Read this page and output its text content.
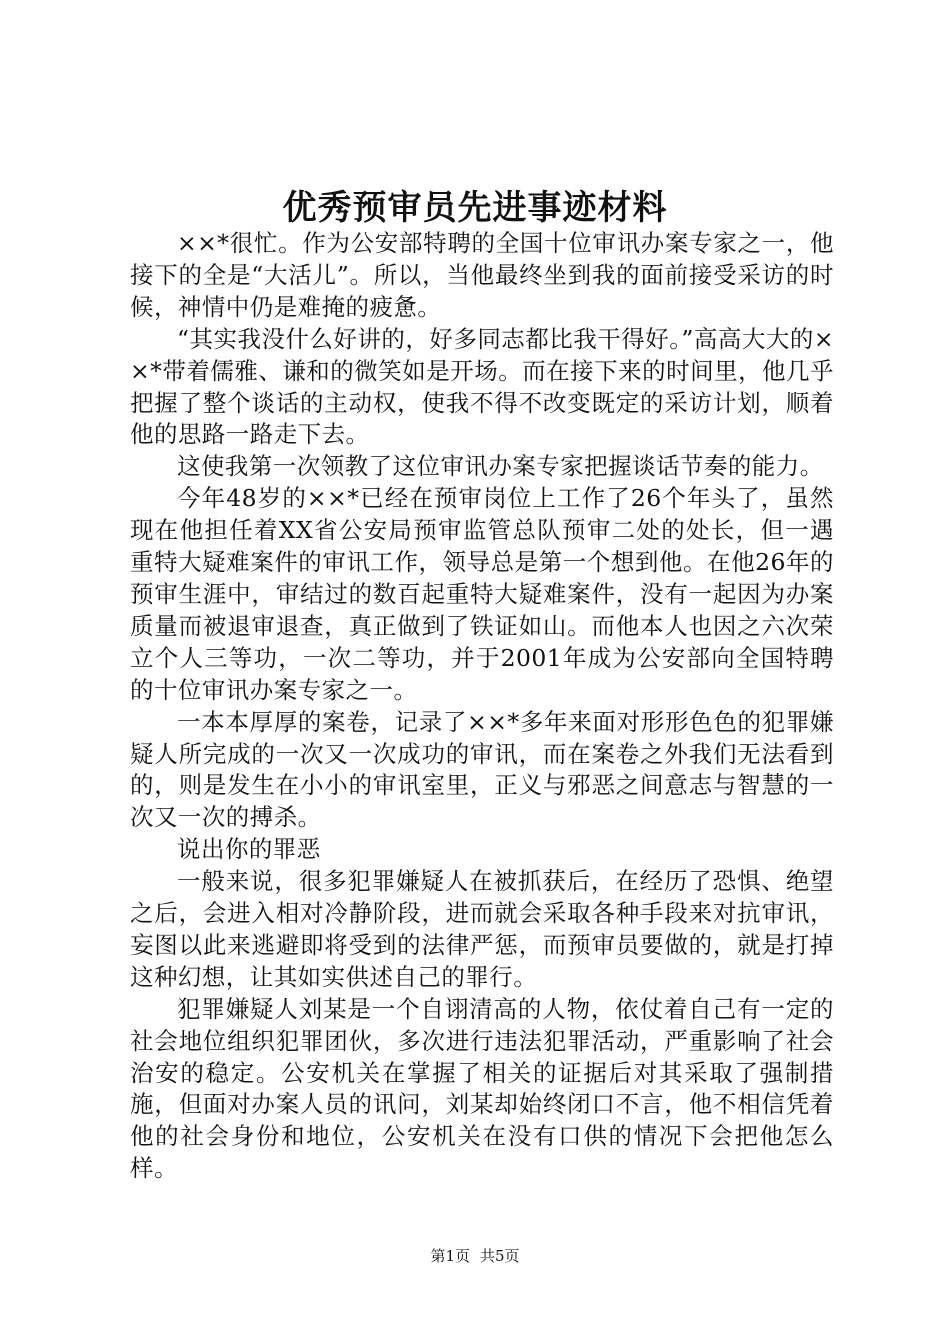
优秀预审员先进事迹材料

××*很忙。作为公安部特聘的全国十位审讯办案专家之一，他接下的全是“大活儿”。所以，当他最终坐到我的面前接受采访的时候，神情中仍是难掩的疲惫。

“其实我没什么好讲的，好多同志都比我干得好。”高高大大的××*带着儒雅、谦和的微笑如是开场。而在接下来的时间里，他几乎把握了整个谈话的主动权，使我不得不改变既定的采访计划，顺着他的思路一路走下去。

这使我第一次领教了这位审讯办案专家把握谈话节奏的能力。

今年48岁的××*已经在预审岗位上工作了26个年头了，虽然现在他担任着XX省公安局预审监管总队预审二处的处长，但一遇重特大疑难案件的审讯工作，领导总是第一个想到他。在他26年的预审生涯中，审结过的数百起重特大疑难案件，没有一起因为办案质量而被退审退查，真正做到了铁证如山。而他本人也因之六次荣立个人三等功，一次二等功，并于2001年成为公安部向全国特聘的十位审讯办案专家之一。

一本本厚厚的案卷，记录了××*多年来面对形形色色的犯罪嫌疑人所完成的一次又一次成功的审讯，而在案卷之外我们无法看到的，则是发生在小小的审讯室里，正义与邪恶之间意志与智慧的一次又一次的搏杀。

说出你的罪恶

一般来说，很多犯罪嫌疑人在被抓获后，在经历了恐惧、绝望之后，会进入相对冷静阶段，进而就会采取各种手段来对抗审讯，妄图以此来逃避即将受到的法律严惩，而预审员要做的，就是打掉这种幻想，让其如实供述自己的罪行。

犯罪嫌疑人刘某是一个自诩清高的人物，依仗着自己有一定的社会地位组织犯罪团伙，多次进行违法犯罪活动，严重影响了社会治安的稳定。公安机关在掌握了相关的证据后对其采取了强制措施，但面对办案人员的讯问，刘某却始终闭口不言，他不相信凭着他的社会身份和地位，公安机关在没有口供的情况下会把他怎么样。

第1页 共5页
